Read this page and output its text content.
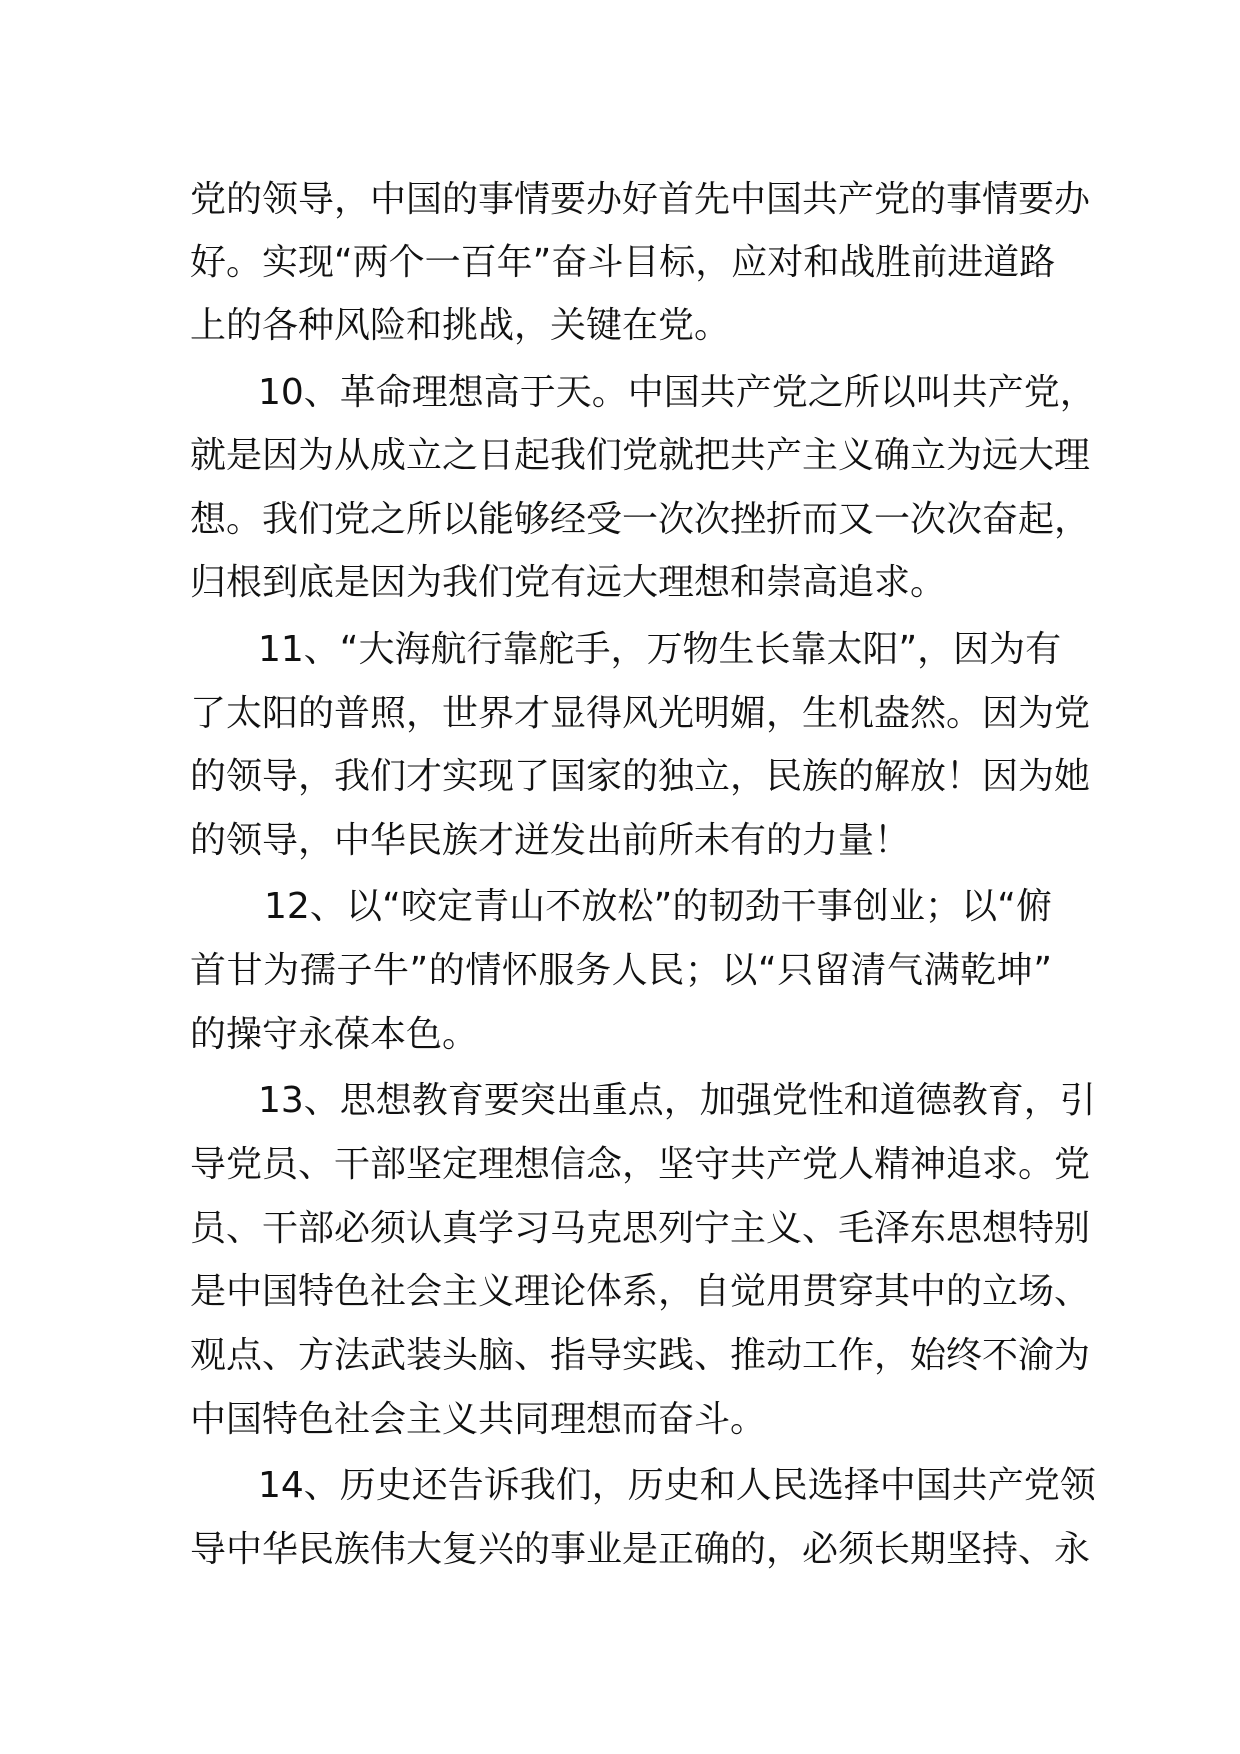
党的领导，中国的事情要办好首先中国共产党的事情要办
好。实现“两个一百年”奋斗目标，应对和战胜前进道路
上的各种风险和挑战，关键在党。
10、革命理想高于天。中国共产党之所以叫共产党，
就是因为从成立之日起我们党就把共产主义确立为远大理
想。我们党之所以能够经受一次次挫折而又一次次奋起，
归根到底是因为我们党有远大理想和崇高追求。
11、“大海航行靠舵手，万物生长靠太阳”，因为有
了太阳的普照，世界才显得风光明媚，生机盎然。因为党
的领导，我们才实现了国家的独立，民族的解放！因为她
的领导，中华民族才迸发出前所未有的力量！
12、以“咬定青山不放松”的韧劲干事创业；以“俯
首甘为孺子牛”的情怀服务人民；以“只留清气满乾坤”
的操守永葆本色。
13、思想教育要突出重点，加强党性和道德教育，引
导党员、干部坚定理想信念，坚守共产党人精神追求。党
员、干部必须认真学习马克思列宁主义、毛泽东思想特别
是中国特色社会主义理论体系，自觉用贯穿其中的立场、
观点、方法武装头脑、指导实践、推动工作，始终不渝为
中国特色社会主义共同理想而奋斗。
14、历史还告诉我们，历史和人民选择中国共产党领
导中华民族伟大复兴的事业是正确的，必须长期坚持、永
